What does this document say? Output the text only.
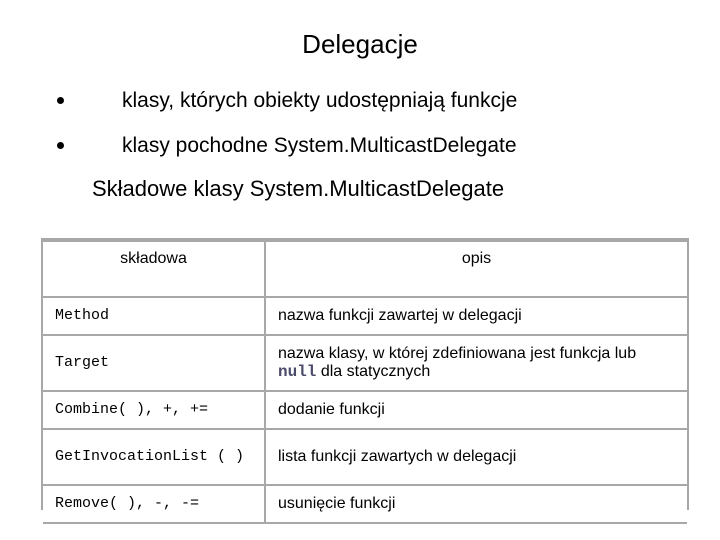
Delegacje
klasy, których obiekty udostępniają funkcje
klasy pochodne System.MulticastDelegate
Składowe klasy System.MulticastDelegate
składowa	opis
Method	nazwa funkcji zawartej w delegacji
Target	nazwa klasy, w której zdefiniowana jest funkcja lub null dla statycznych
Combine( ), +, +=	dodanie funkcji
GetInvocationList ( )	lista funkcji zawartych w delegacji
Remove( ), -, -=	usunięcie funkcji
